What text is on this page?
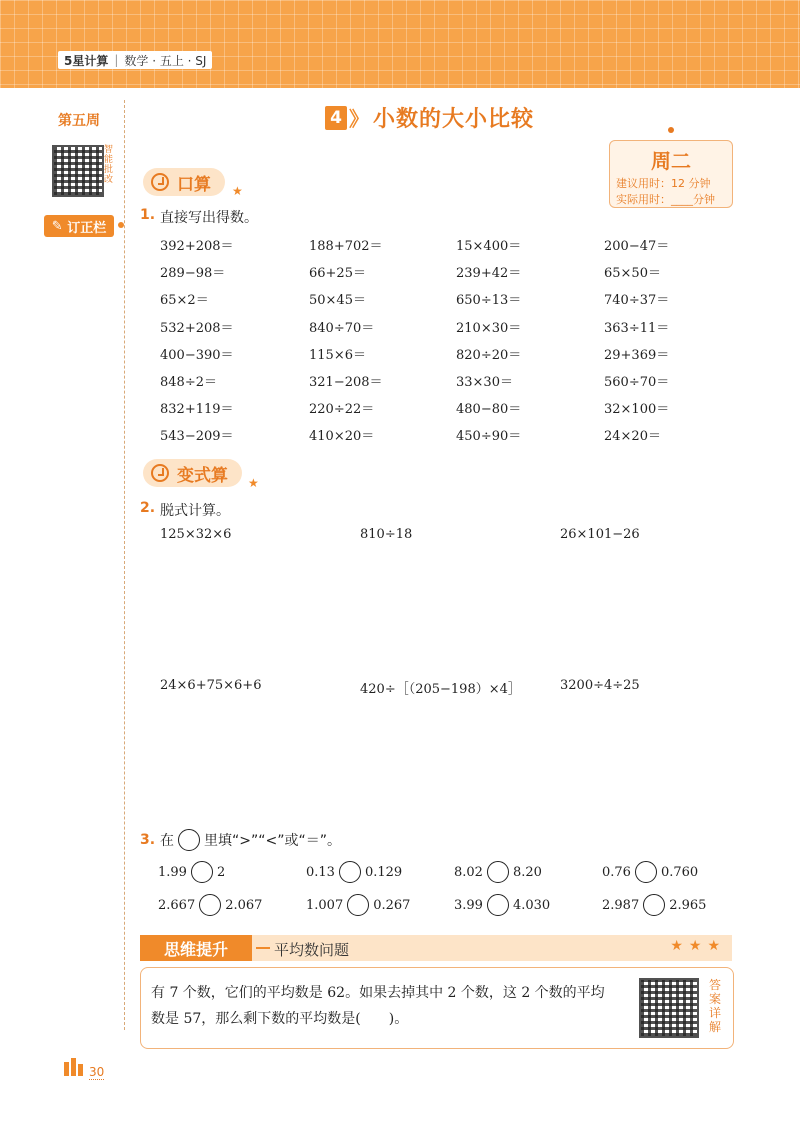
5星计算 | 数学 · 五上 · SJ
第五周
智能批改
✎ 订正栏
4 》 小数的大小比较
周二
建议用时：12 分钟
实际用时：____分钟
口算 ★
1. 直接写出得数。
392+208＝	188+702＝	15×400＝	200−47＝
289−98＝	66+25＝	239+42＝	65×50＝
65×2＝	50×45＝	650÷13＝	740÷37＝
532+208＝	840÷70＝	210×30＝	363÷11＝
400−390＝	115×6＝	820÷20＝	29+369＝
848÷2＝	321−208＝	33×30＝	560÷70＝
832+119＝	220÷22＝	480−80＝	32×100＝
543−209＝	410×20＝	450÷90＝	24×20＝
变式算 ★
2. 脱式计算。
125×32×6	810÷18	26×101−26
24×6+75×6+6	420÷［（205−198）×4］	3200÷4÷25
3. 在 里填“>”“<”或“＝”。
1.99 2	0.13 0.129	8.02 8.20	0.76 0.760
2.667 2.067	1.007 0.267	3.99 4.030	2.987 2.965
思维提升	平均数问题	★★★
有 7 个数，它们的平均数是 62。如果去掉其中 2 个数，这 2 个数的平均
数是 57，那么剩下数的平均数是(　　)。
答案详解
30
